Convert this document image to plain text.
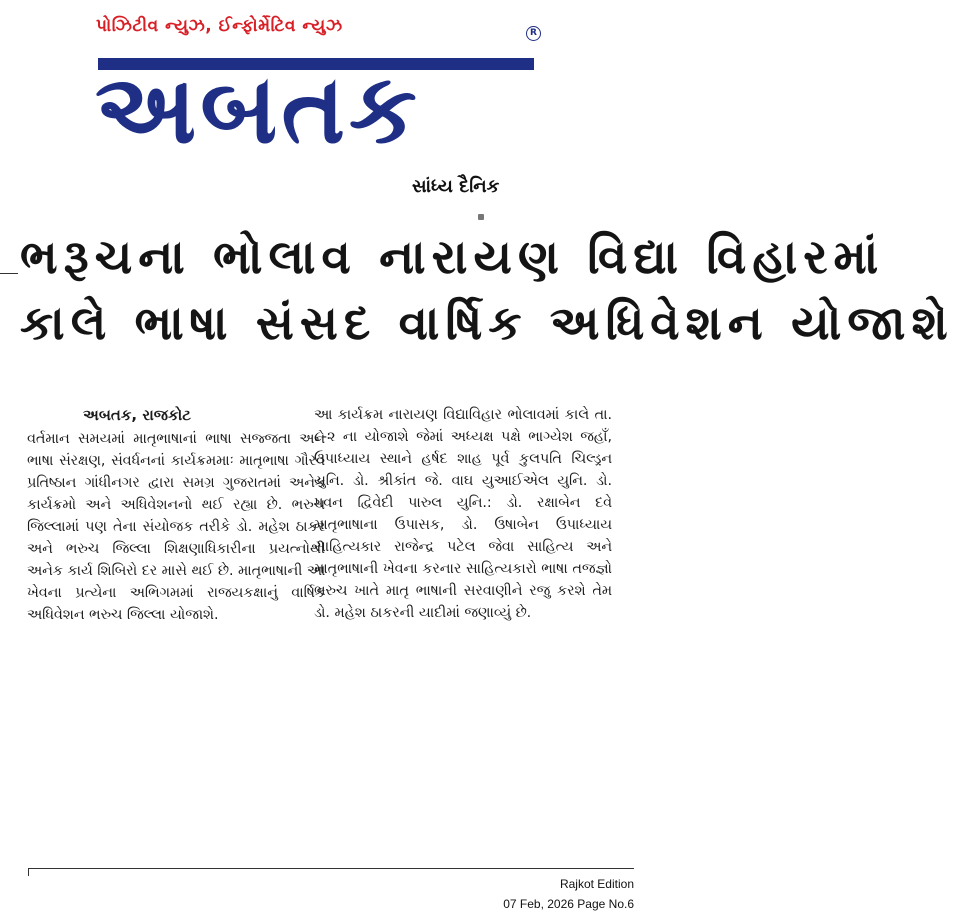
પોઝિટીવ ન્યુઝ, ઈન્ફોર્મેટિવ ન્યુઝ	R
અબતક
સાંધ્ય દૈનિક
ભરૂચના ભોલાવ નારાયણ વિદ્યા વિહારમાં
કાલે ભાષા સંસદ વાર્ષિક અધિવેશન યોજાશે
અબતક, રાજકોટ

વર્તમાન સમયમાં માતૃભાષાનાં ભાષા સજ્જતા અને ભાષા સંરક્ષણ, સંવર્ધનનાં કાર્યક્રમમાઃ માતૃભાષા ગૌરવ પ્રતિષ્ઠાન ગાંધીનગર દ્વારા સમગ્ર ગુજરાતમાં અનેક કાર્યક્રમો અને અધિવેશનનો થઈ રહ્યા છે. ભરુચ જિલ્લામાં પણ તેના સંયોજક તરીકે ડો. મહેશ ઠાકર અને ભરુચ જિલ્લા શિક્ષણાધિકારીના પ્રયત્નોથી અનેક કાર્ય શિબિરો દર માસે થઈ છે. માતૃભાષાની આ ખેવના પ્રત્યેના અભિગમમાં રાજયકક્ષાનું વાર્ષિક અધિવેશન ભરુચ જિલ્લા યોજાશે.

આ કાર્યક્રમ નારાયણ વિદ્યાવિહાર ભોલાવમાં કાલે તા. ૮-૨ ના યોજાશે જેમાં અધ્યક્ષ પક્ષે ભાગ્યેશ જહાઁ, ઉપાધ્યાય સ્થાને હર્ષદ શાહ પૂર્વ કુલપતિ ચિલ્ડ્રન યુનિ. ડો. શ્રીકાંત જે. વાઘ યુઆઈએલ યુનિ. ડો. પવન દ્વિવેદી પારુલ યુનિ.: ડો. રક્ષાબેન દવે માતૃભાષાના ઉપાસક, ડો. ઉષાબેન ઉપાધ્યાય સાહિત્યકાર રાજેન્દ્ર પટેલ જેવા સાહિત્ય અને માતૃભાષાની ખેવના કરનાર સાહિત્યકારો ભાષા તજજ્ઞો ભરુચ ખાતે માતૃ ભાષાની સરવાણીને રજુ કરશે તેમ ડો. મહેશ ઠાકરની યાદીમાં જણાવ્યું છે.

Rajkot Edition
07 Feb, 2026 Page No.6
